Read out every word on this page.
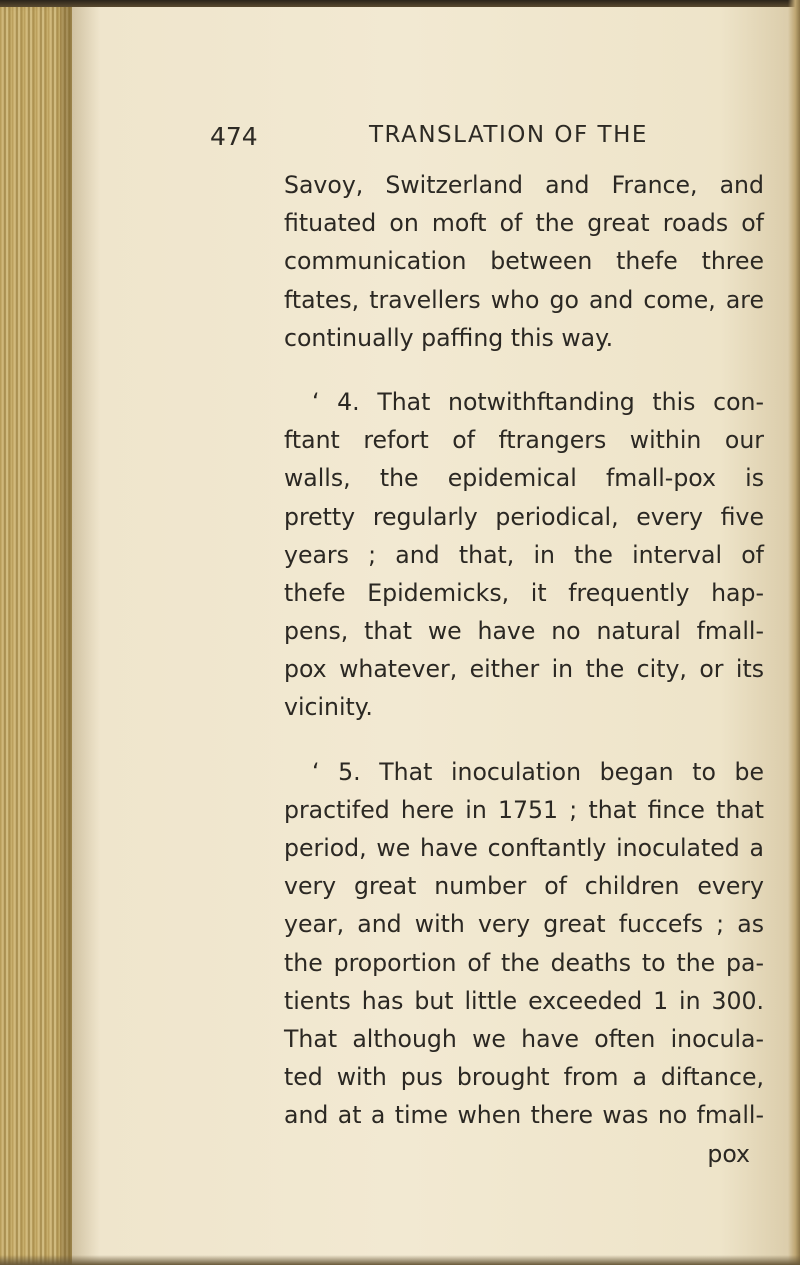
474	TRANSLATION OF THE
Savoy, Switzerland and France, and
fituated on moft of the great roads of
communication between thefe three
ftates, travellers who go and come, are
continually paffing this way.
‘ 4. That notwithftanding this con-
ftant refort of ftrangers within our
walls, the epidemical fmall-pox is
pretty regularly periodical, every five
years ; and that, in the interval of
thefe Epidemicks, it frequently hap-
pens, that we have no natural fmall-
pox whatever, either in the city, or its
vicinity.
‘ 5. That inoculation began to be
practifed here in 1751 ; that fince that
period, we have conftantly inoculated a
very great number of children every
year, and with very great fuccefs ; as
the proportion of the deaths to the pa-
tients has but little exceeded 1 in 300.
That although we have often inocula-
ted with pus brought from a diftance,
and at a time when there was no fmall-
pox
